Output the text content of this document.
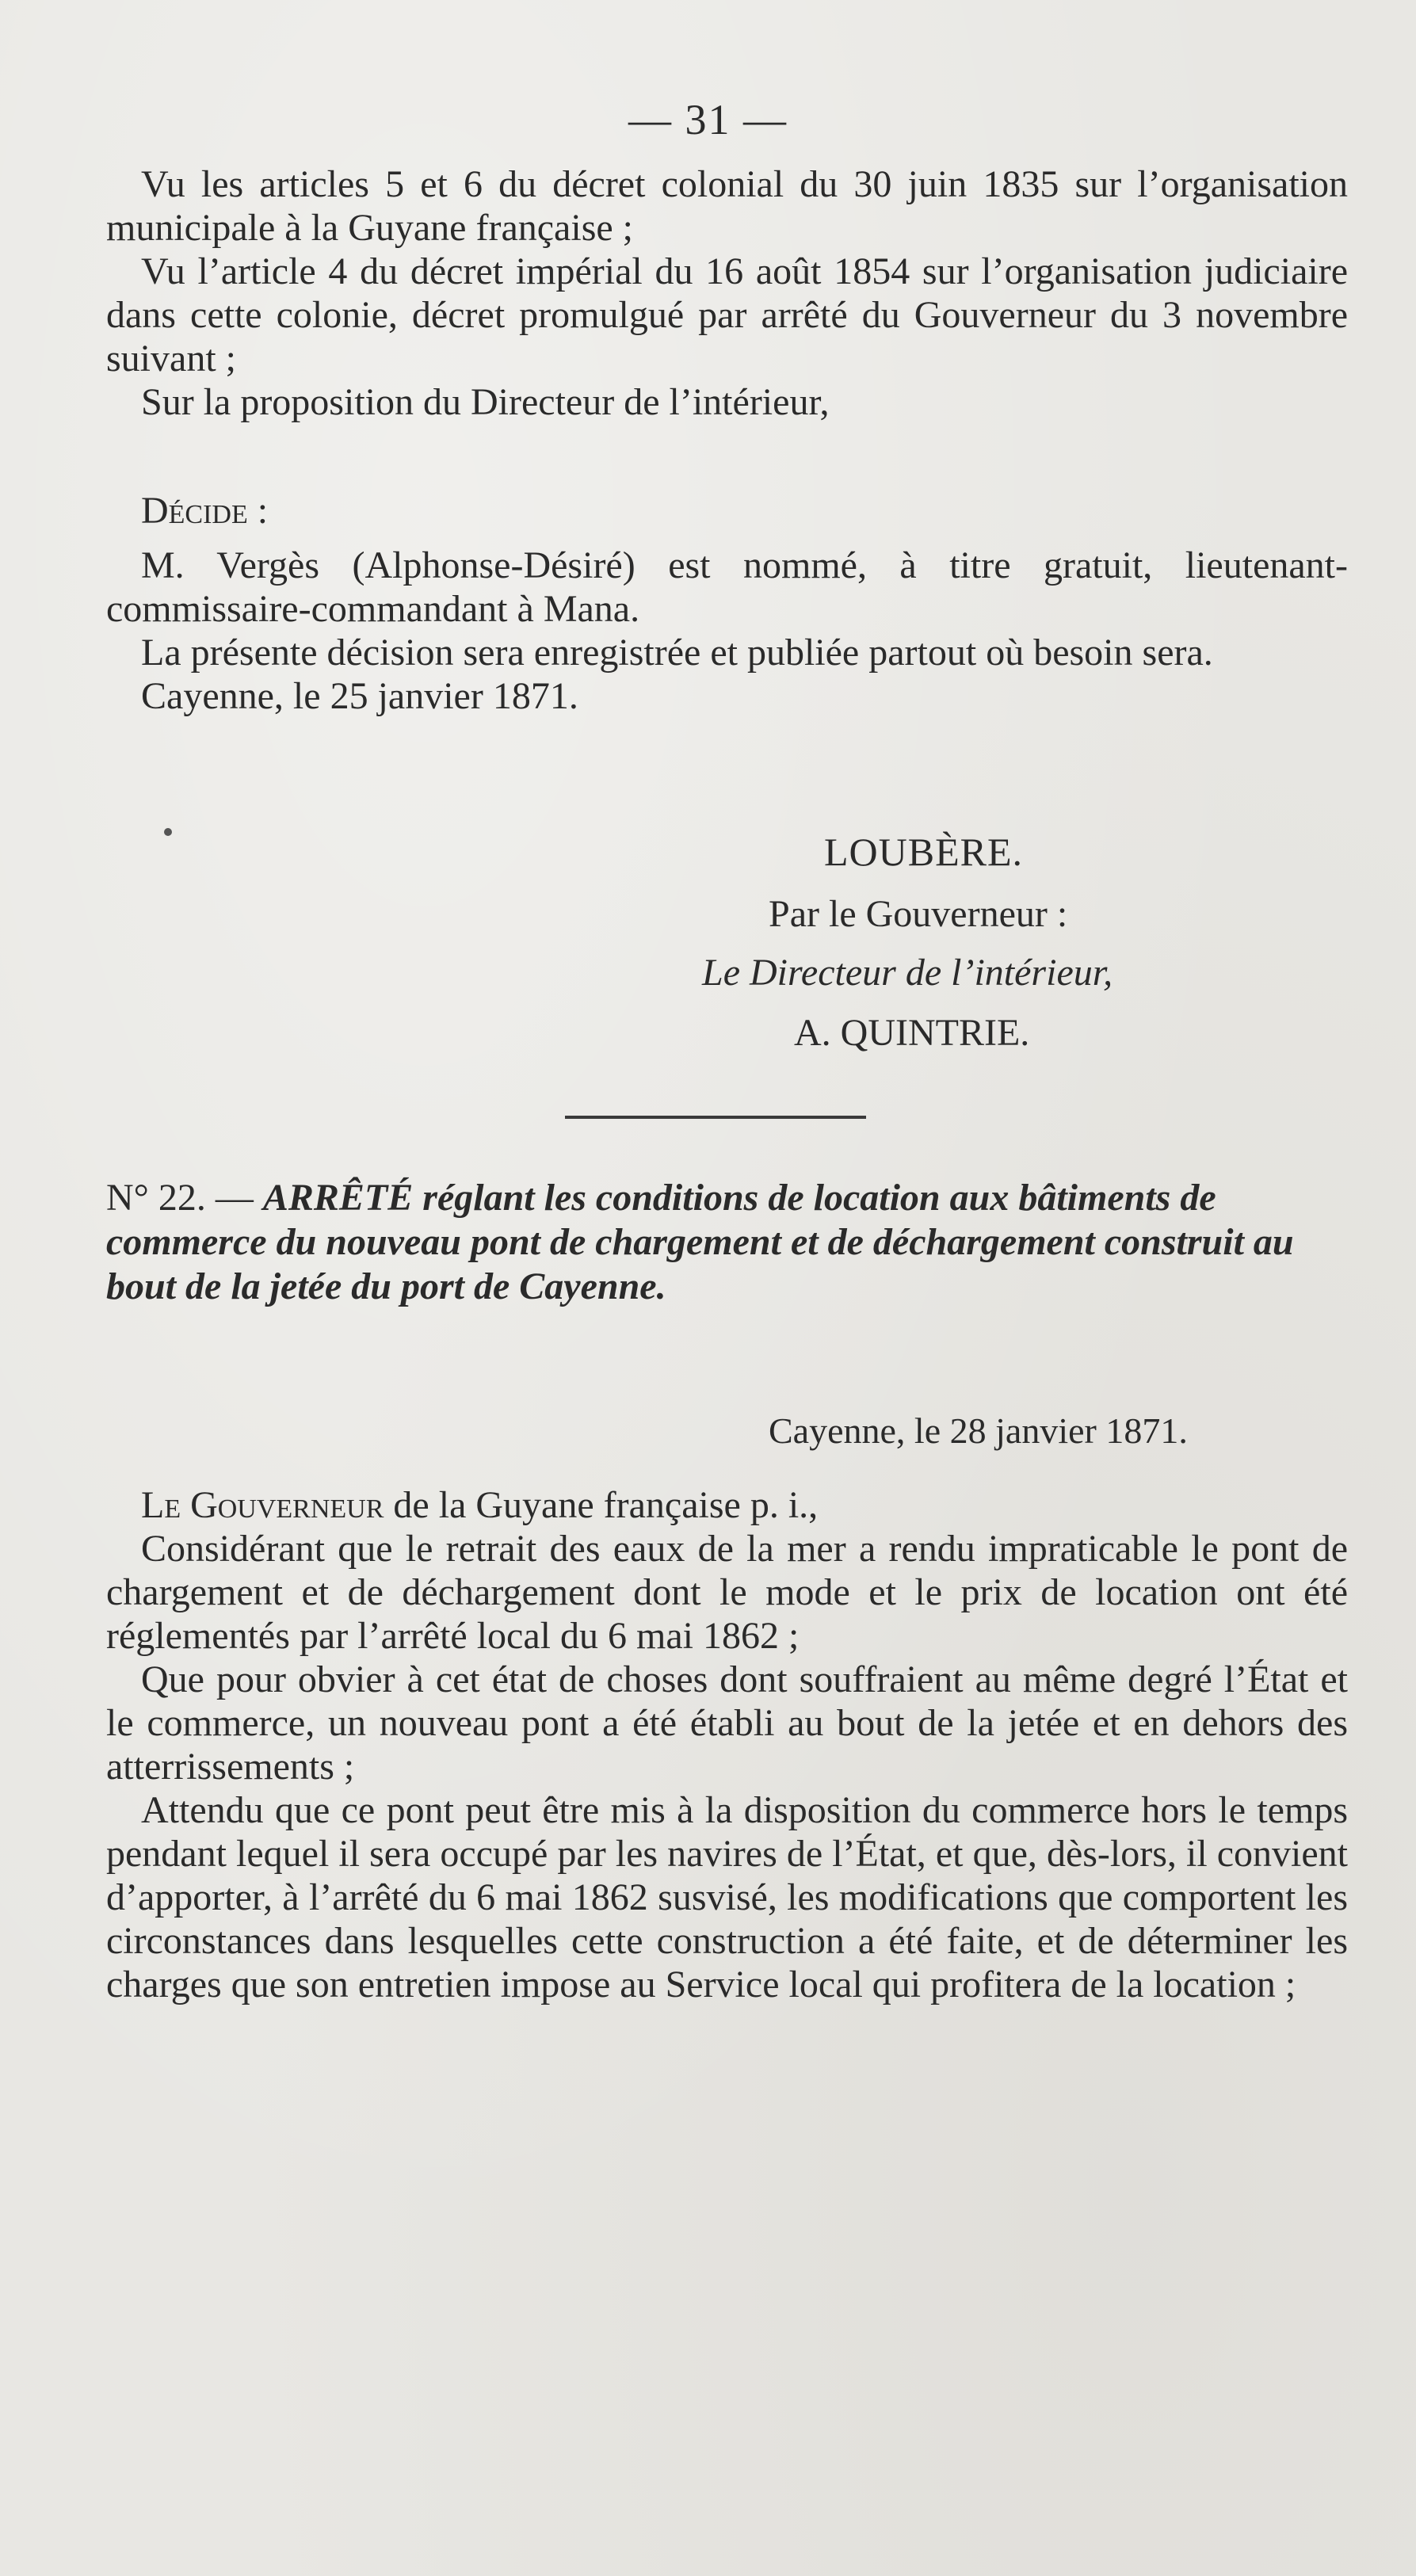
— 31 —

Vu les articles 5 et 6 du décret colonial du 30 juin 1835 sur l’organisation municipale à la Guyane française ;

Vu l’article 4 du décret impérial du 16 août 1854 sur l’organisation judiciaire dans cette colonie, décret promulgué par arrêté du Gouverneur du 3 novembre suivant ;

Sur la proposition du Directeur de l’intérieur,

Décide :

M. Vergès (Alphonse-Désiré) est nommé, à titre gratuit, lieutenant-commissaire-commandant à Mana.

La présente décision sera enregistrée et publiée partout où besoin sera.

Cayenne, le 25 janvier 1871.

LOUBÈRE.
Par le Gouverneur :
Le Directeur de l’intérieur,
A. QUINTRIE.
N° 22. — ARRÊTÉ réglant les conditions de location aux bâtiments de commerce du nouveau pont de chargement et de déchargement construit au bout de la jetée du port de Cayenne.
Cayenne, le 28 janvier 1871.

Le Gouverneur de la Guyane française p. i.,

Considérant que le retrait des eaux de la mer a rendu impraticable le pont de chargement et de déchargement dont le mode et le prix de location ont été réglementés par l’arrêté local du 6 mai 1862 ;

Que pour obvier à cet état de choses dont souffraient au même degré l’État et le commerce, un nouveau pont a été établi au bout de la jetée et en dehors des atterrissements ;

Attendu que ce pont peut être mis à la disposition du commerce hors le temps pendant lequel il sera occupé par les navires de l’État, et que, dès-lors, il convient d’apporter, à l’arrêté du 6 mai 1862 susvisé, les modifications que comportent les circonstances dans lesquelles cette construction a été faite, et de déterminer les charges que son entretien impose au Service local qui profitera de la location ;
